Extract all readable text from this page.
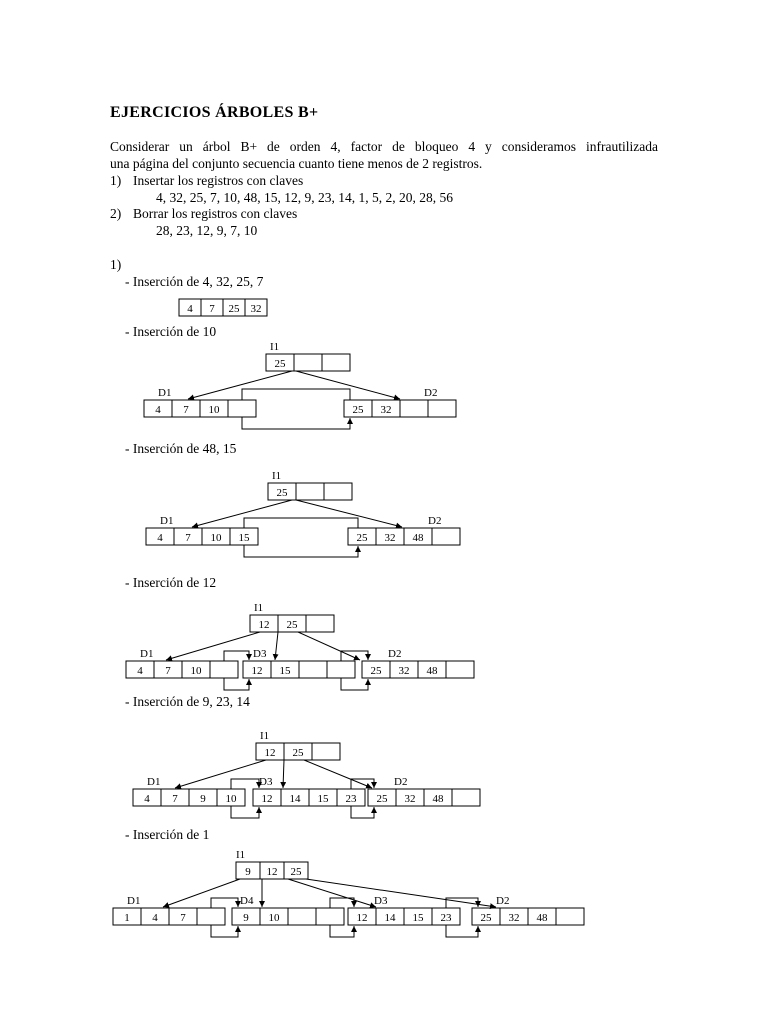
EJERCICIOS ÁRBOLES B+
Considerar un árbol B+ de orden 4, factor de bloqueo 4 y consideramos infrautilizada
una página del conjunto secuencia cuanto tiene menos de 2 registros.
1) Insertar los registros con claves
4, 32, 25, 7, 10, 48, 15, 12, 9, 23, 14, 1, 5, 2, 20, 28, 56
2) Borrar los registros con claves
28, 23, 12, 9, 7, 10
1)
- Inserción de 4, 32, 25, 7
- Inserción de 10
- Inserción de 48, 15
- Inserción de 12
- Inserción de 9, 23, 14
- Inserción de 1
4 7 25 32
25
I1
4 7 10
D1
25 32
D2
25
I1
4 7 10 15
D1
25 32 48
D2
12 25
I1
4 7 10
D1
12 15
D3
25 32 48
D2
12 25
I1
4 7 9 10
D1
12 14 15 23
D3
25 32 48
D2
9 12 25
I1
1 4 7
D1
9 10
D4
12 14 15 23
D3
25 32 48
D2
